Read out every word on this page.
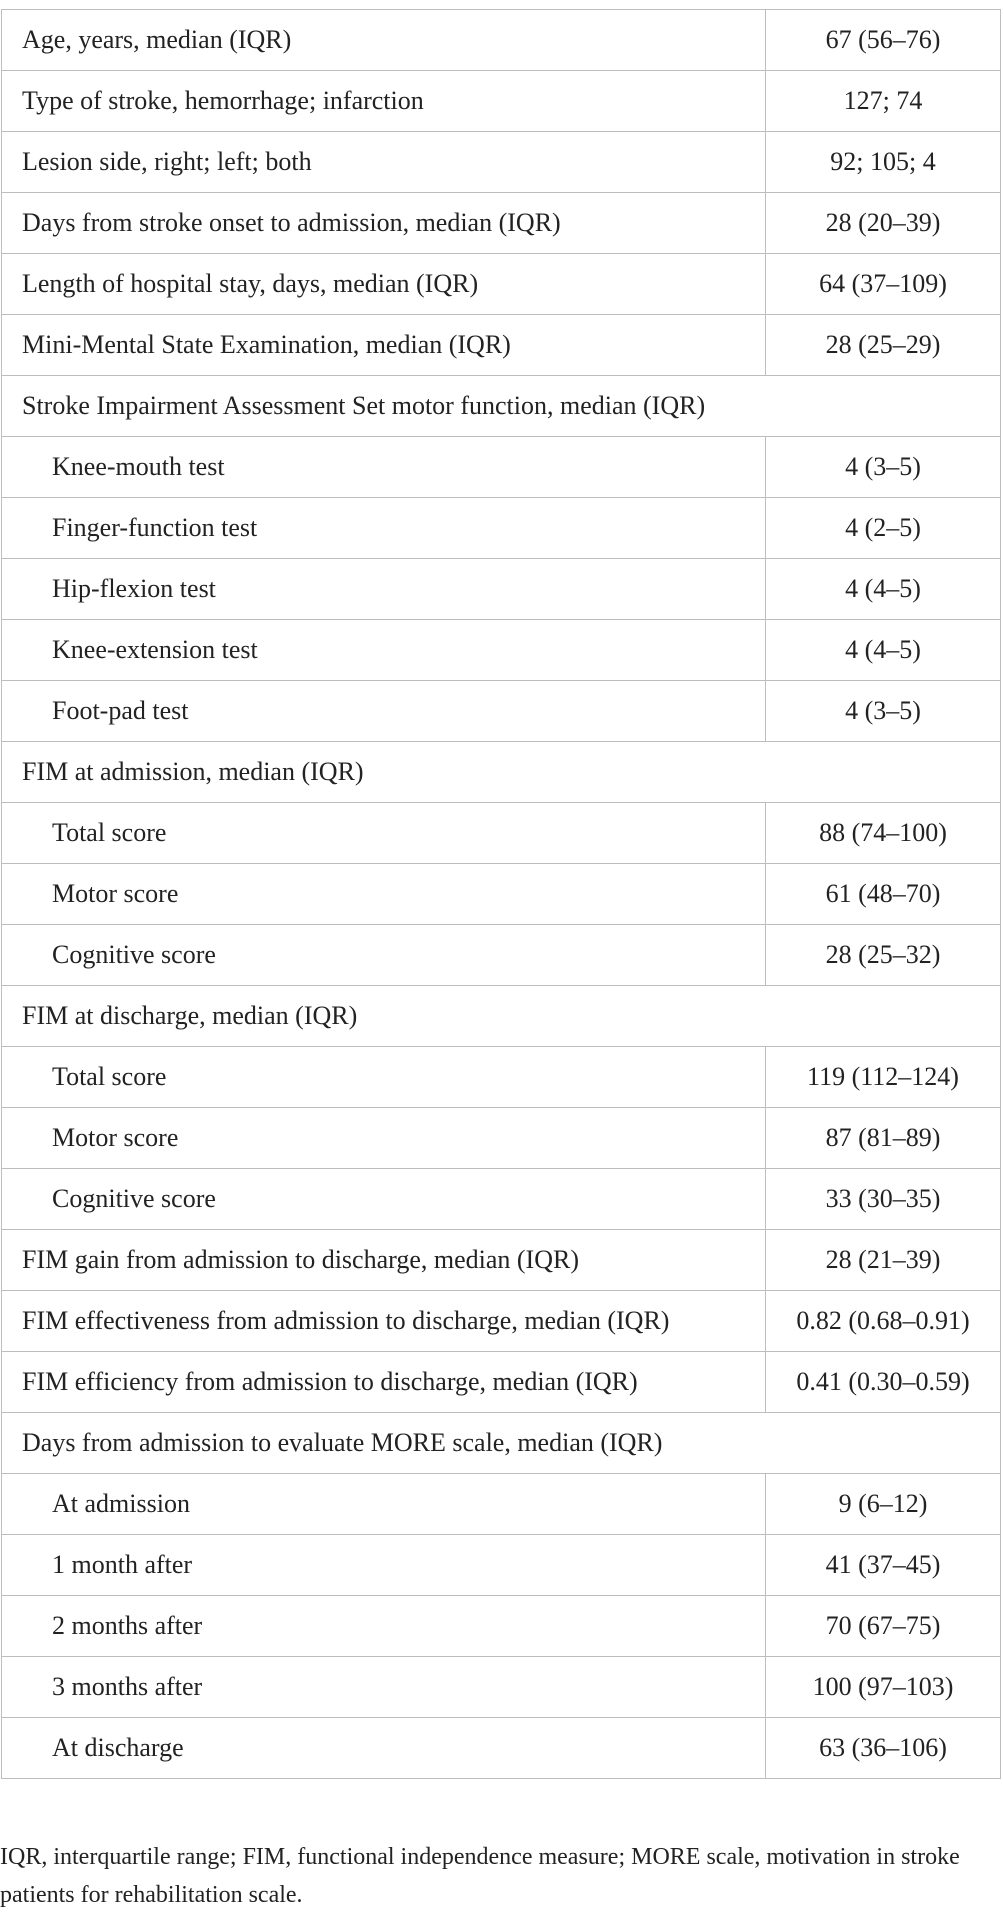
Age, years, median (IQR)	67 (56–76)
Type of stroke, hemorrhage; infarction	127; 74
Lesion side, right; left; both	92; 105; 4
Days from stroke onset to admission, median (IQR)	28 (20–39)
Length of hospital stay, days, median (IQR)	64 (37–109)
Mini-Mental State Examination, median (IQR)	28 (25–29)
Stroke Impairment Assessment Set motor function, median (IQR)	
Knee-mouth test	4 (3–5)
Finger-function test	4 (2–5)
Hip-flexion test	4 (4–5)
Knee-extension test	4 (4–5)
Foot-pad test	4 (3–5)
FIM at admission, median (IQR)	
Total score	88 (74–100)
Motor score	61 (48–70)
Cognitive score	28 (25–32)
FIM at discharge, median (IQR)	
Total score	119 (112–124)
Motor score	87 (81–89)
Cognitive score	33 (30–35)
FIM gain from admission to discharge, median (IQR)	28 (21–39)
FIM effectiveness from admission to discharge, median (IQR)	0.82 (0.68–0.91)
FIM efficiency from admission to discharge, median (IQR)	0.41 (0.30–0.59)
Days from admission to evaluate MORE scale, median (IQR)	
At admission	9 (6–12)
1 month after	41 (37–45)
2 months after	70 (67–75)
3 months after	100 (97–103)
At discharge	63 (36–106)
IQR, interquartile range; FIM, functional independence measure; MORE scale, motivation in stroke patients for rehabilitation scale.
